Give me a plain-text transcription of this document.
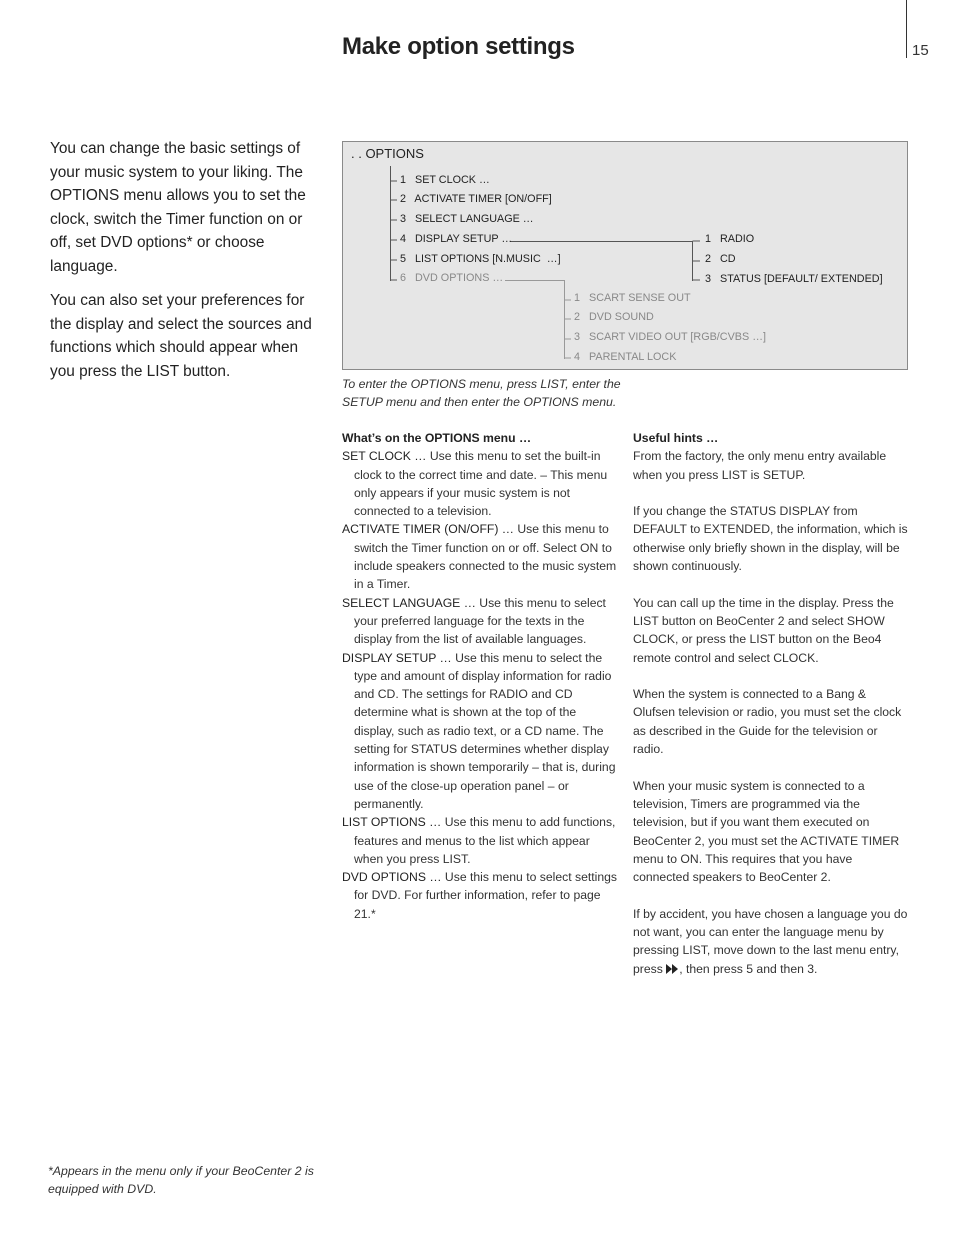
15
Make option settings

You can change the basic settings of your music system to your liking. The OPTIONS menu allows you to set the clock, switch the Timer function on or off, set DVD options* or choose language.

You can also set your preferences for the display and select the sources and functions which should appear when you press the LIST button.

. . OPTIONS
1   SET CLOCK …
2   ACTIVATE TIMER [ON/OFF]
3   SELECT LANGUAGE …
4   DISPLAY SETUP …
5   LIST OPTIONS [N.MUSIC  …]
6   DVD OPTIONS …
1   RADIO
2   CD
3   STATUS [DEFAULT/ EXTENDED]
1   SCART SENSE OUT
2   DVD SOUND
3   SCART VIDEO OUT [RGB/CVBS …]
4   PARENTAL LOCK

To enter the OPTIONS menu, press LIST, enter the SETUP menu and then enter the OPTIONS menu.

What’s on the OPTIONS menu …

SET CLOCK … Use this menu to set the built-in clock to the correct time and date. – This menu only appears if your music system is not connected to a television.

ACTIVATE TIMER (ON/OFF) … Use this menu to switch the Timer function on or off. Select ON to include speakers connected to the music system in a Timer.

SELECT LANGUAGE … Use this menu to select your preferred language for the texts in the display from the list of available languages.

DISPLAY SETUP … Use this menu to select the type and amount of display information for radio and CD. The settings for RADIO and CD determine what is shown at the top of the display, such as radio text, or a CD name. The setting for STATUS determines whether display information is shown temporarily – that is, during use of the close-up operation panel – or permanently.

LIST OPTIONS … Use this menu to add functions, features and menus to the list which appear when you press LIST.

DVD OPTIONS … Use this menu to select settings for DVD. For further information, refer to page 21.*

Useful hints …

From the factory, the only menu entry available when you press LIST is SETUP.

If you change the STATUS DISPLAY from DEFAULT to EXTENDED, the information, which is otherwise only briefly shown in the display, will be shown continuously.

You can call up the time in the display. Press the LIST button on BeoCenter 2 and select SHOW CLOCK, or press the LIST button on the Beo4 remote control and select CLOCK.

When the system is connected to a Bang & Olufsen television or radio, you must set the clock as described in the Guide for the television or radio.

When your music system is connected to a television, Timers are programmed via the television, but if you want them executed on BeoCenter 2, you must set the ACTIVATE TIMER menu to ON. This requires that you have connected speakers to BeoCenter 2.

If by accident, you have chosen a language you do not want, you can enter the language menu by pressing LIST, move down to the last menu entry, press , then press 5 and then 3.

*Appears in the menu only if your BeoCenter 2 is equipped with DVD.
